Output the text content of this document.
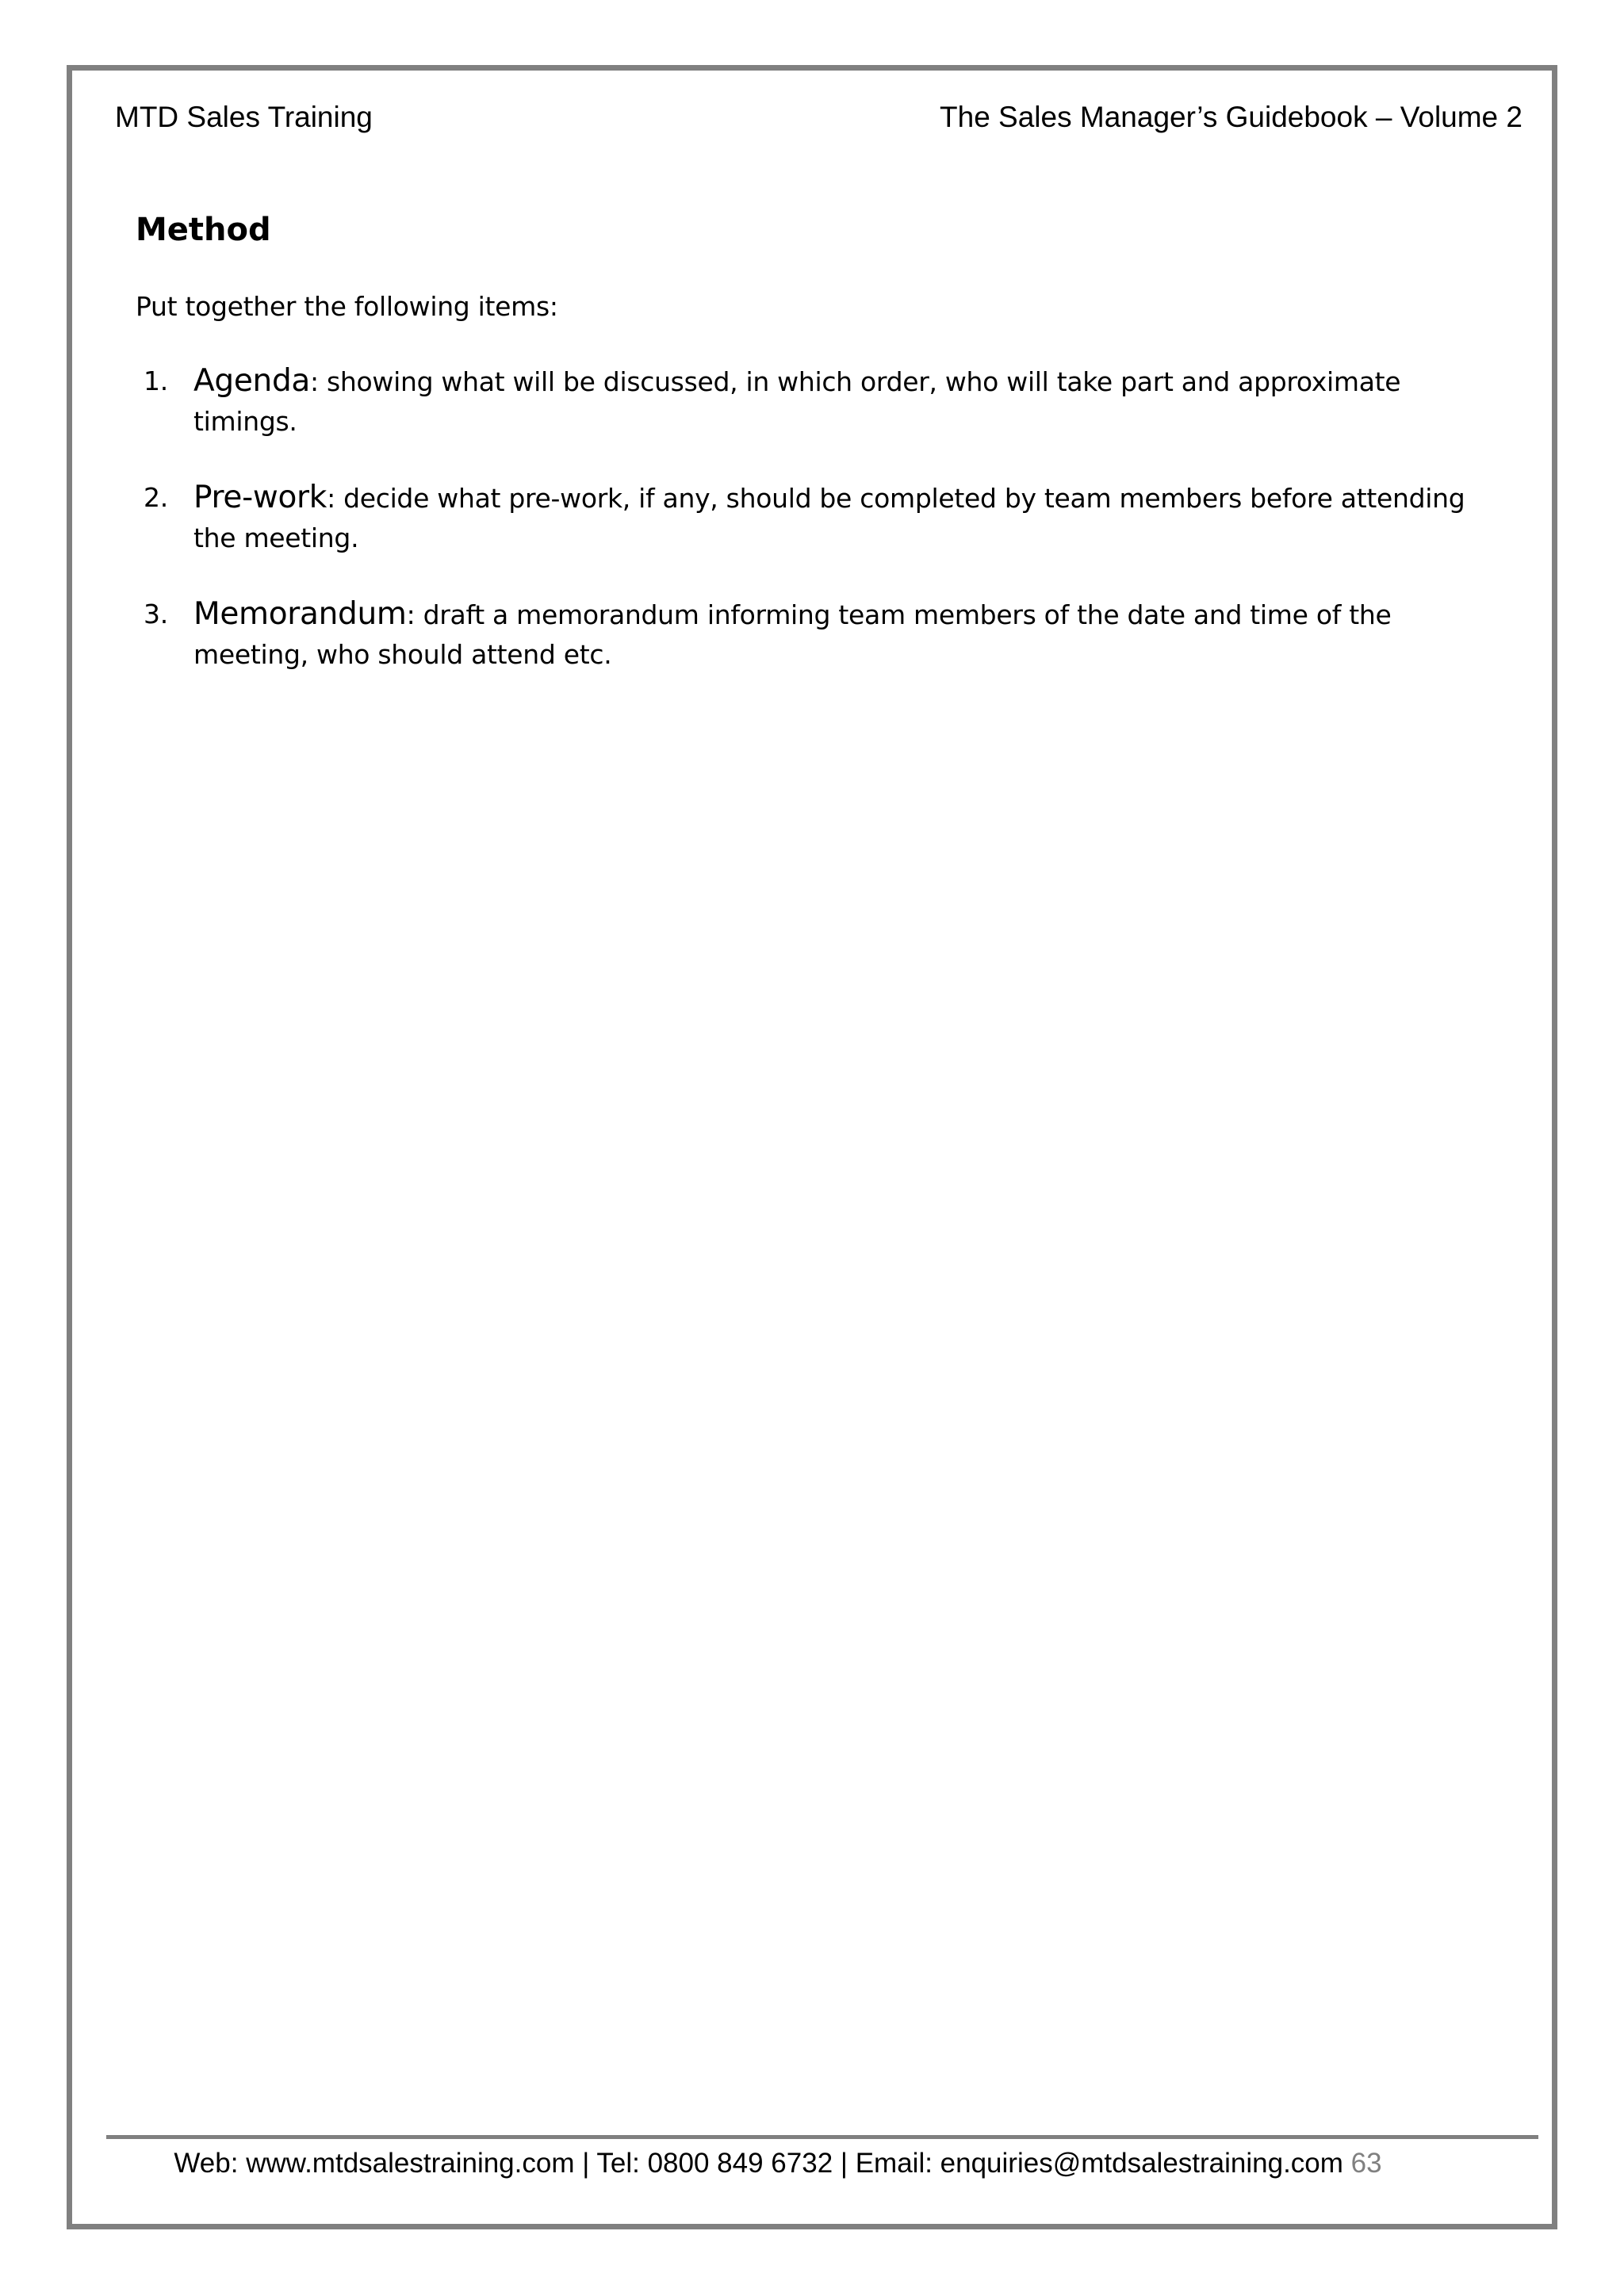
MTD Sales Training	The Sales Manager’s Guidebook – Volume 2
Method

Put together the following items:

1. Agenda: showing what will be discussed, in which order, who will take part and approximate timings.
2. Pre-work: decide what pre-work, if any, should be completed by team members before attending the meeting.
3. Memorandum: draft a memorandum informing team members of the date and time of the meeting, who should attend etc.
Web: www.mtdsalestraining.com | Tel: 0800 849 6732 | Email: enquiries@mtdsalestraining.com 63
